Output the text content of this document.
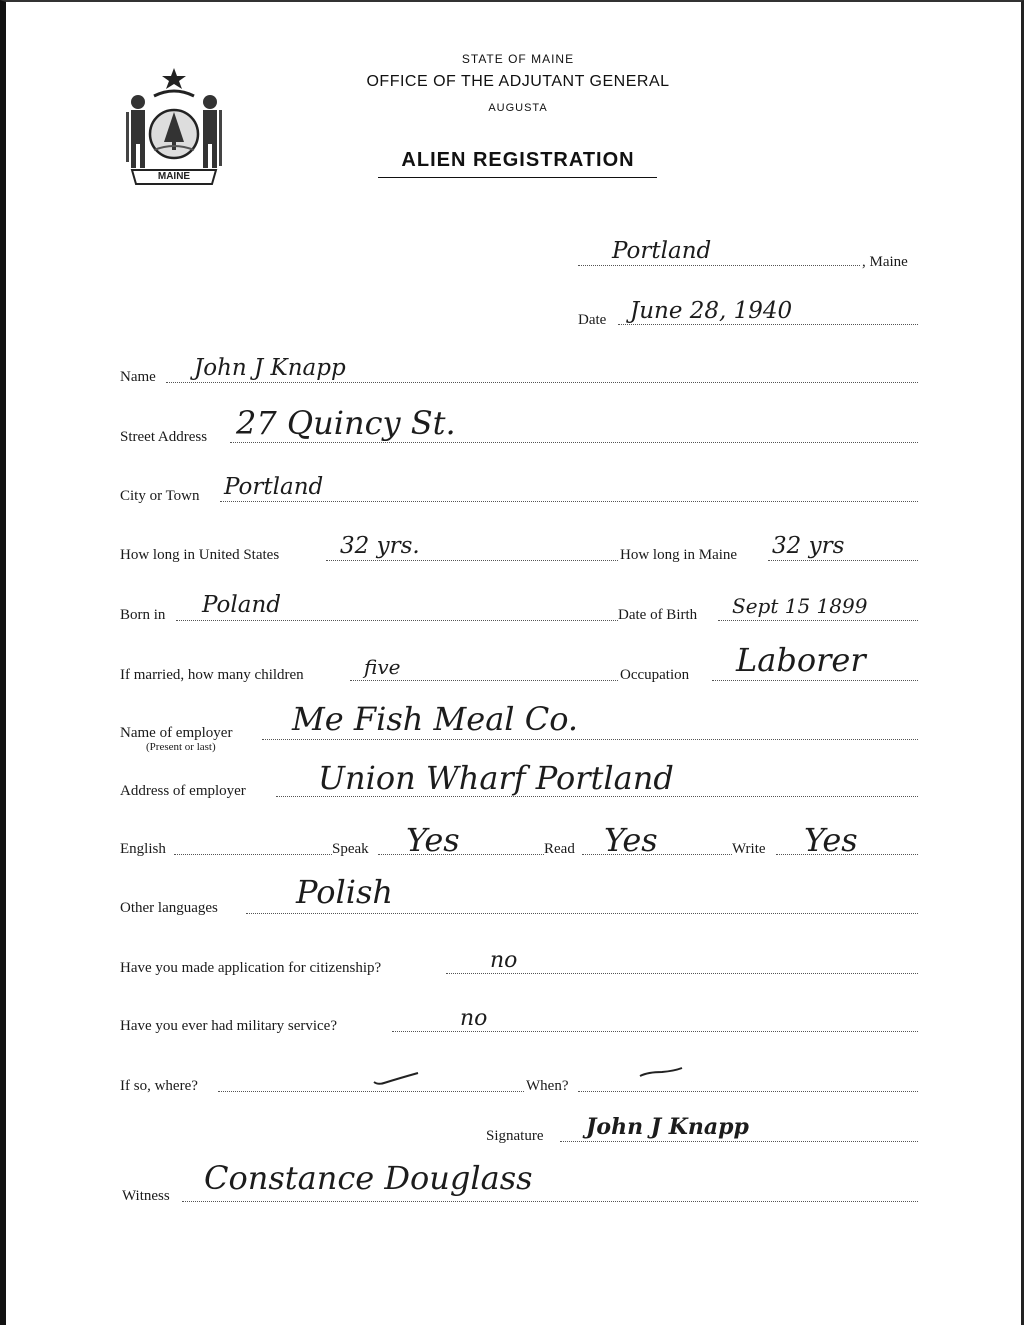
MAINE
STATE OF MAINE
OFFICE OF THE ADJUTANT GENERAL
AUGUSTA
ALIEN REGISTRATION
Portland	, Maine
Date June 28, 1940
Name John J Knapp
Street Address 27 Quincy St.
City or Town Portland
How long in United States	32 yrs.	How long in Maine 32 yrs
Born in Poland	Date of Birth Sept 15 1899
If married, how many children	five	Occupation Laborer
Name of employer
(Present or last)
Me Fish Meal Co.
Address of employer Union Wharf Portland
English	Speak Yes	Read Yes	Write Yes
Other languages Polish
Have you made application for citizenship?	no
Have you ever had military service?	no
If so, where?	When?
Signature John J Knapp
Witness Constance Douglass
